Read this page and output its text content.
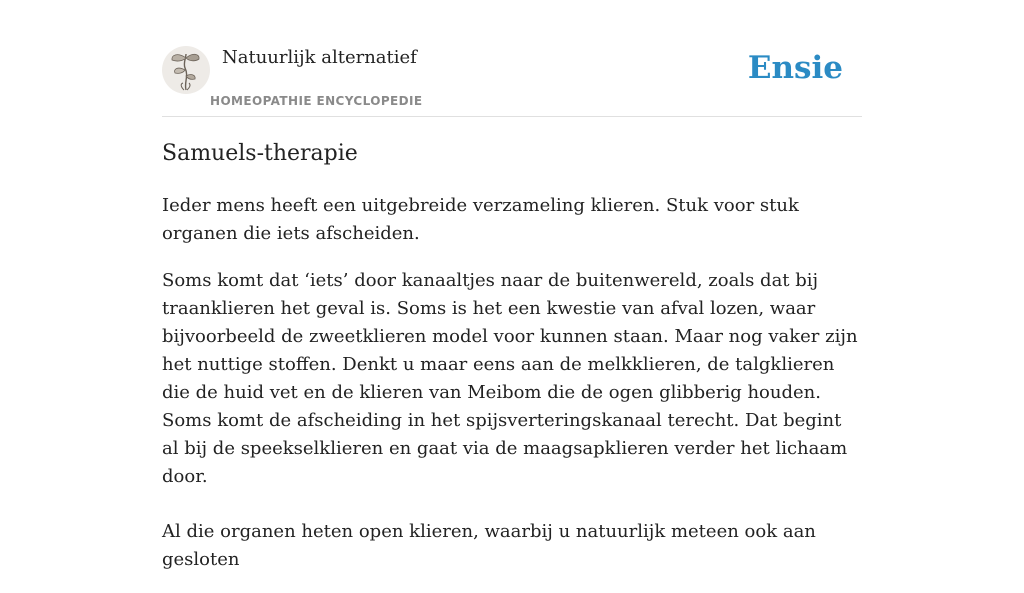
Natuurlijk alternatief
HOMEOPATHIE ENCYCLOPEDIE
Ensie
Samuels-therapie

Ieder mens heeft een uitgebreide verzameling klieren. Stuk voor stuk organen die iets afscheiden.

Soms komt dat ‘iets’ door kanaaltjes naar de buitenwereld, zoals dat bij traanklieren het geval is. Soms is het een kwestie van afval lozen, waar bijvoorbeeld de zweetklieren model voor kunnen staan. Maar nog vaker zijn het nuttige stoffen. Denkt u maar eens aan de melkklieren, de talgklieren die de huid vet en de klieren van Meibom die de ogen glibberig houden. Soms komt de afscheiding in het spijsverteringskanaal terecht. Dat begint al bij de speekselklieren en gaat via de maagsapklieren verder het lichaam door.

Al die organen heten open klieren, waarbij u natuurlijk meteen ook aan gesloten
